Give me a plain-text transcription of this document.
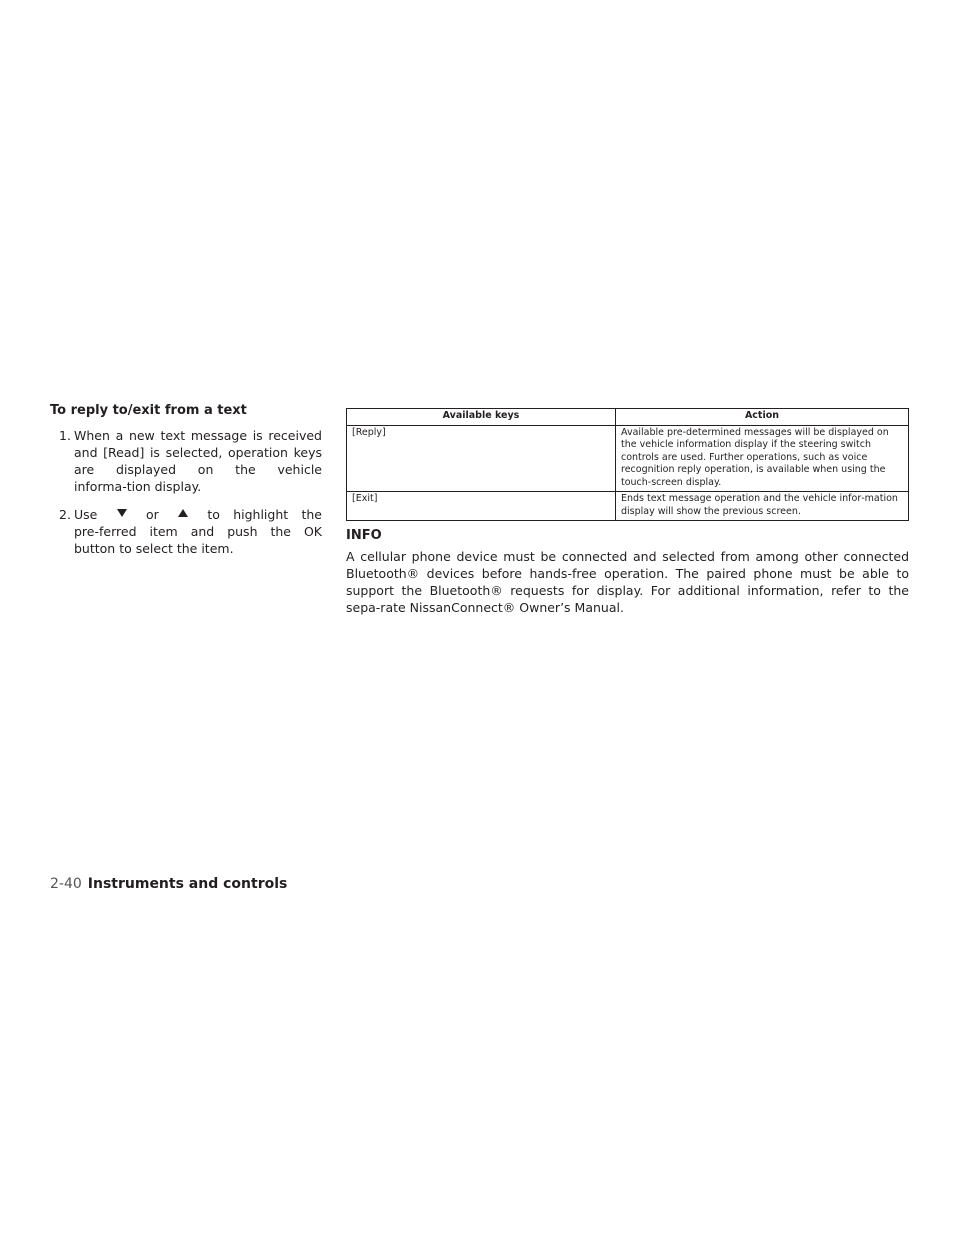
To reply to/exit from a text
1. When a new text message is received and [Read] is selected, operation keys are displayed on the vehicle informa‑tion display.
2. Use	or	to highlight the pre‑ferred item and push the OK button to select the item.
Available keys	Action
[Reply]	Available pre-determined messages will be displayed on the vehicle information display if the steering switch controls are used. Further operations, such as voice recognition reply operation, is available when using the touch-screen display.
[Exit]	Ends text message operation and the vehicle infor‑mation display will show the previous screen.
INFO

A cellular phone device must be connected and selected from among other connected Bluetooth® devices before hands-free operation. The paired phone must be able to support the Bluetooth® requests for display. For additional information, refer to the sepa‑rate NissanConnect® Owner’s Manual.

2-40 Instruments and controls
